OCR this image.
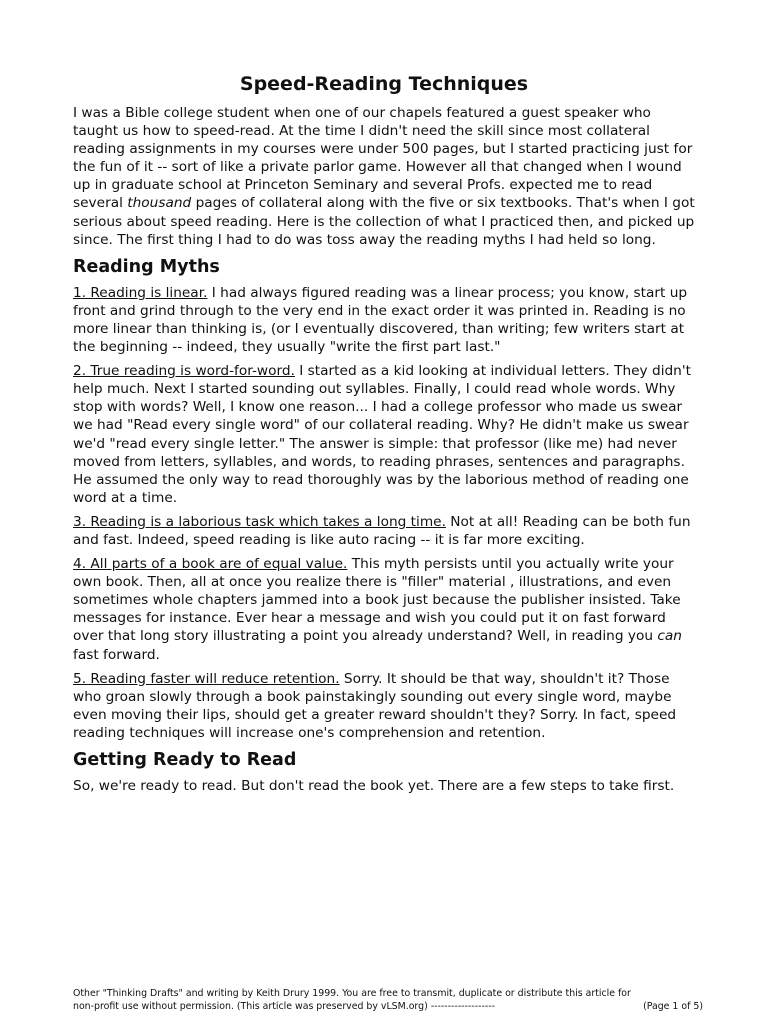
Speed-Reading Techniques

I was a Bible college student when one of our chapels featured a guest speaker who taught us how to speed-read. At the time I didn't need the skill since most collateral reading assignments in my courses were under 500 pages, but I started practicing just for the fun of it -- sort of like a private parlor game. However all that changed when I wound up in graduate school at Princeton Seminary and several Profs. expected me to read several thousand pages of collateral along with the five or six textbooks. That's when I got serious about speed reading. Here is the collection of what I practiced then, and picked up since. The first thing I had to do was toss away the reading myths I had held so long.

Reading Myths

1. Reading is linear. I had always figured reading was a linear process; you know, start up front and grind through to the very end in the exact order it was printed in. Reading is no more linear than thinking is, (or I eventually discovered, than writing; few writers start at the beginning -- indeed, they usually "write the first part last."

2. True reading is word-for-word. I started as a kid looking at individual letters. They didn't help much. Next I started sounding out syllables. Finally, I could read whole words. Why stop with words? Well, I know one reason... I had a college professor who made us swear we had "Read every single word" of our collateral reading. Why? He didn't make us swear we'd "read every single letter." The answer is simple: that professor (like me) had never moved from letters, syllables, and words, to reading phrases, sentences and paragraphs. He assumed the only way to read thoroughly was by the laborious method of reading one word at a time.

3. Reading is a laborious task which takes a long time. Not at all! Reading can be both fun and fast. Indeed, speed reading is like auto racing -- it is far more exciting.

4. All parts of a book are of equal value. This myth persists until you actually write your own book. Then, all at once you realize there is "filler" material , illustrations, and even sometimes whole chapters jammed into a book just because the publisher insisted. Take messages for instance. Ever hear a message and wish you could put it on fast forward over that long story illustrating a point you already understand? Well, in reading you can fast forward.

5. Reading faster will reduce retention. Sorry. It should be that way, shouldn't it? Those who groan slowly through a book painstakingly sounding out every single word, maybe even moving their lips, should get a greater reward shouldn't they? Sorry. In fact, speed reading techniques will increase one's comprehension and retention.

Getting Ready to Read

So, we're ready to read. But don't read the book yet. There are a few steps to take first.

Other "Thinking Drafts" and writing by Keith Drury 1999. You are free to transmit, duplicate or distribute this article for
(Page 1 of 5)
non-profit use without permission. (This article was preserved by vLSM.org) -------------------
